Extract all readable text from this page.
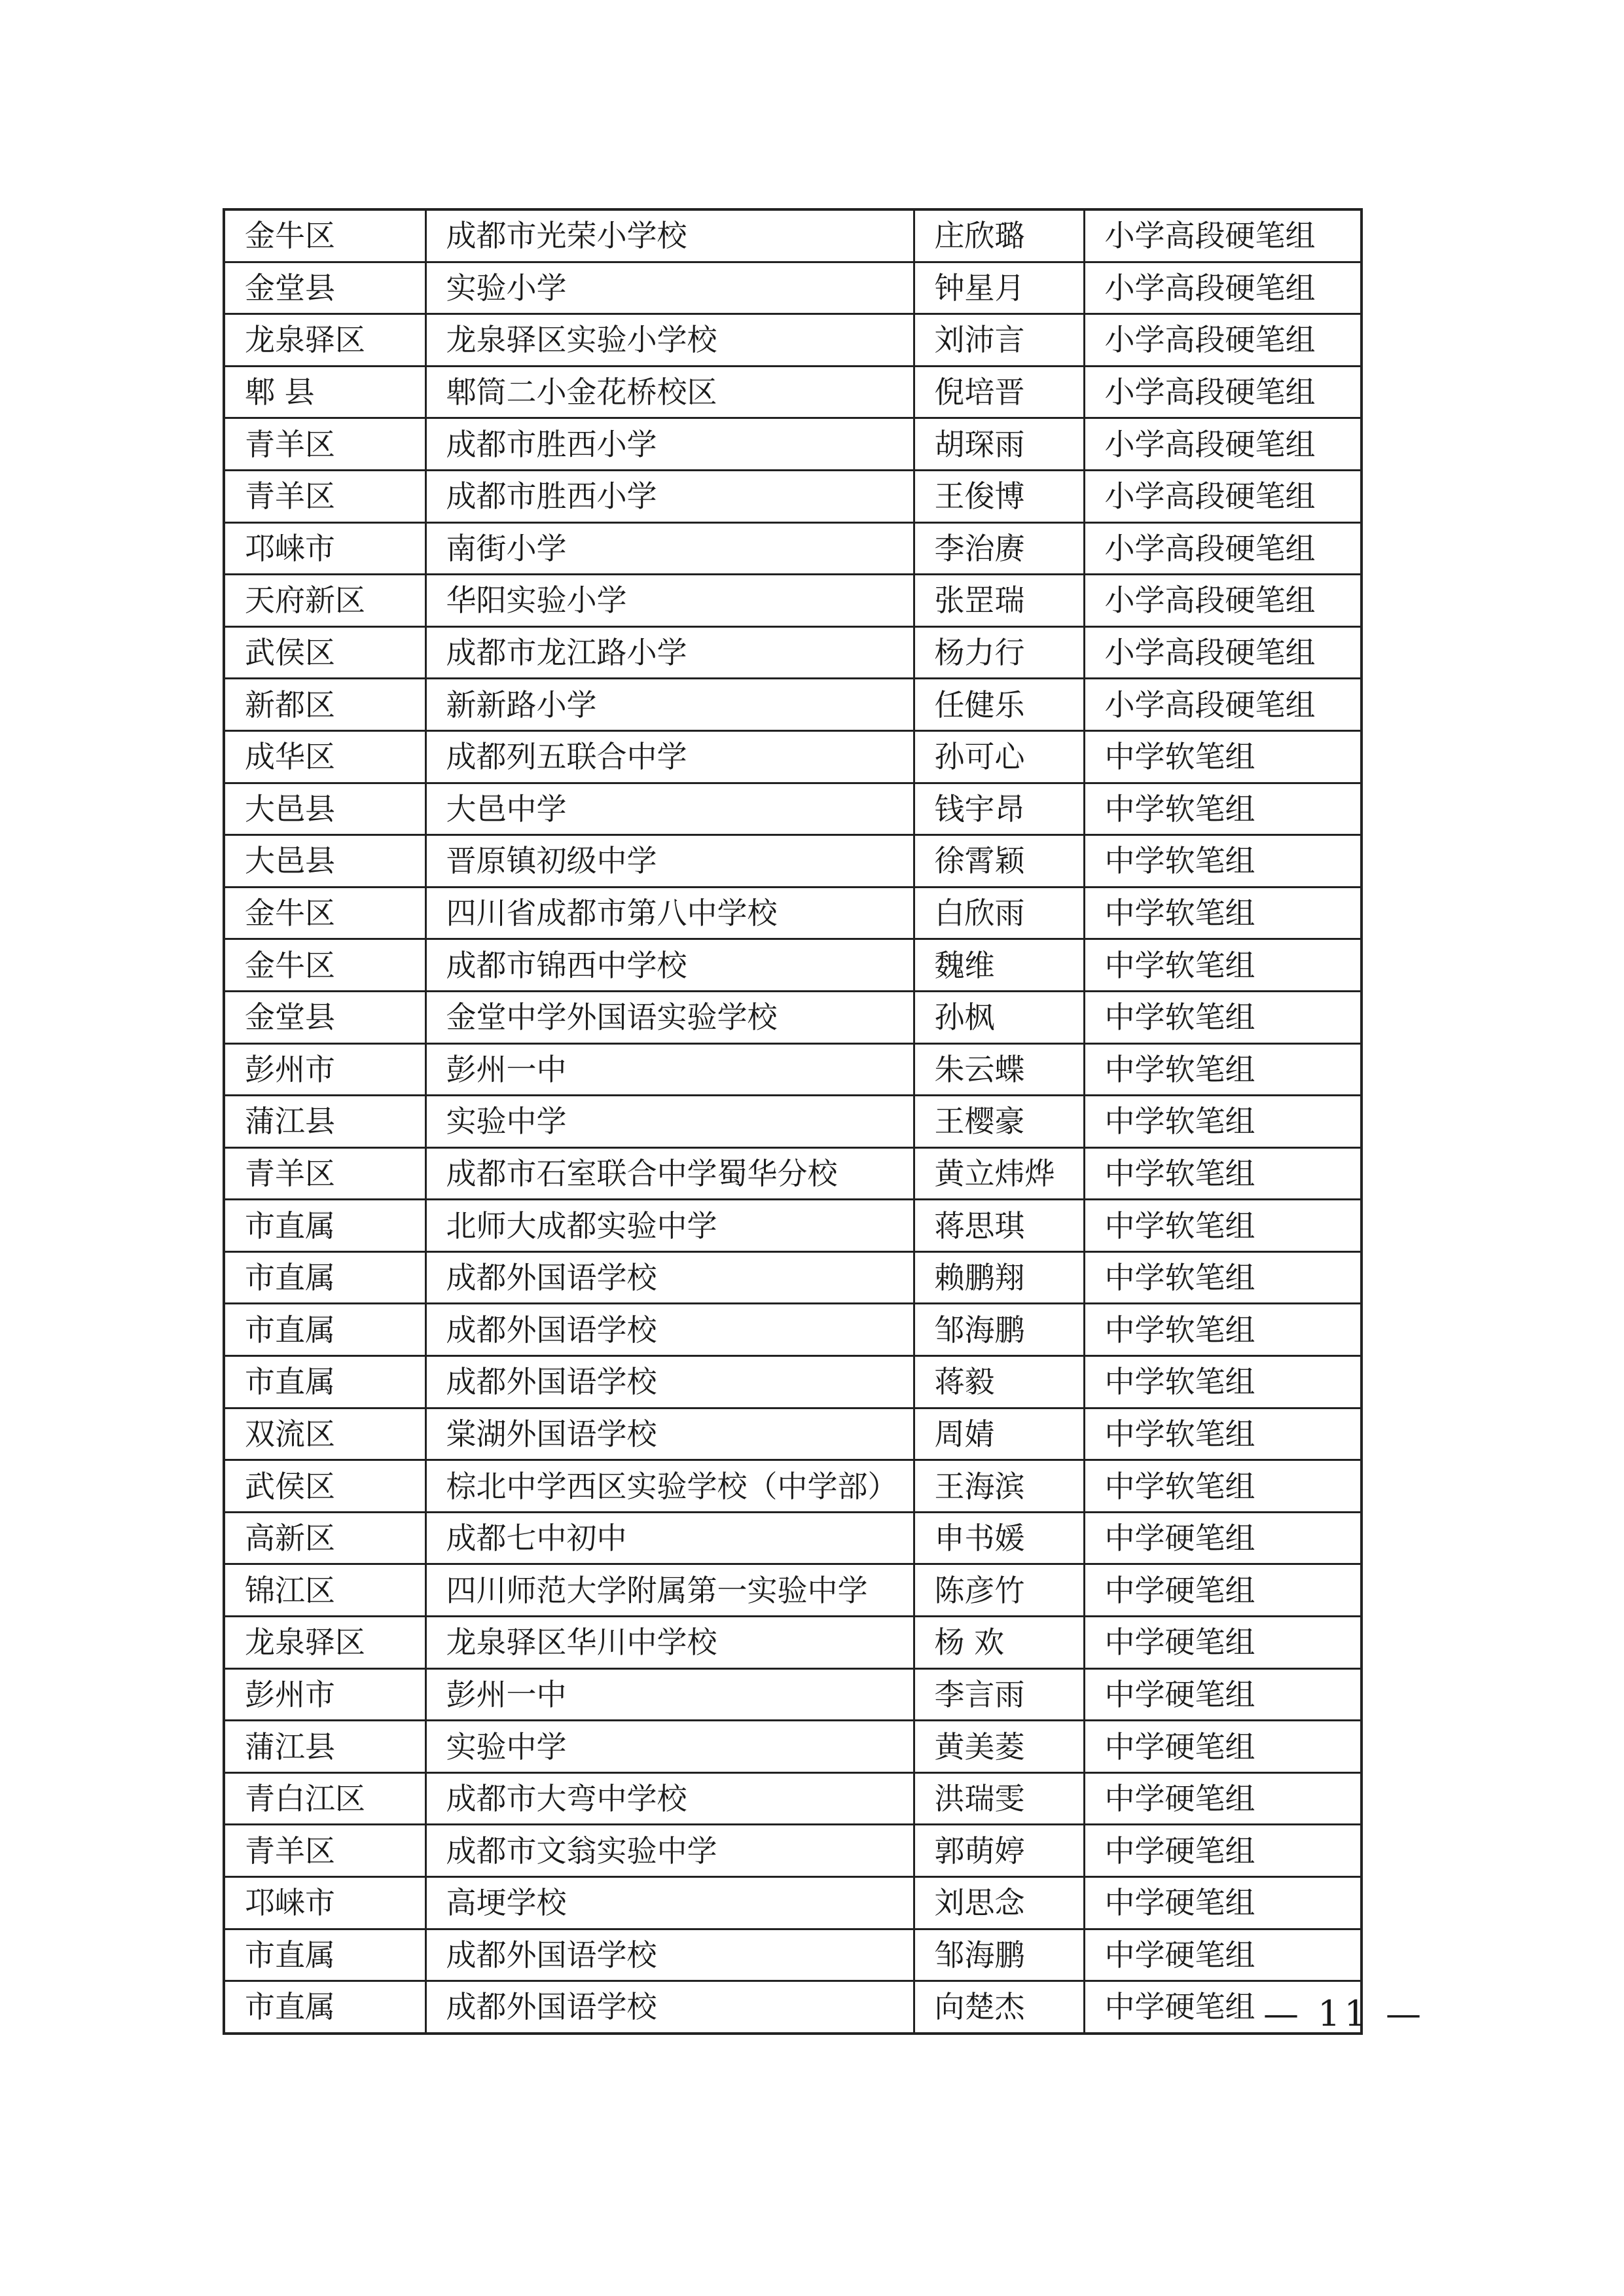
金牛区	成都市光荣小学校	庄欣璐	小学高段硬笔组
金堂县	实验小学	钟星月	小学高段硬笔组
龙泉驿区	龙泉驿区实验小学校	刘沛言	小学高段硬笔组
郫 县	郫筒二小金花桥校区	倪培晋	小学高段硬笔组
青羊区	成都市胜西小学	胡琛雨	小学高段硬笔组
青羊区	成都市胜西小学	王俊博	小学高段硬笔组
邛崃市	南街小学	李治赓	小学高段硬笔组
天府新区	华阳实验小学	张罡瑞	小学高段硬笔组
武侯区	成都市龙江路小学	杨力行	小学高段硬笔组
新都区	新新路小学	任健乐	小学高段硬笔组
成华区	成都列五联合中学	孙可心	中学软笔组
大邑县	大邑中学	钱宇昂	中学软笔组
大邑县	晋原镇初级中学	徐霄颖	中学软笔组
金牛区	四川省成都市第八中学校	白欣雨	中学软笔组
金牛区	成都市锦西中学校	魏维	中学软笔组
金堂县	金堂中学外国语实验学校	孙枫	中学软笔组
彭州市	彭州一中	朱云蝶	中学软笔组
蒲江县	实验中学	王樱豪	中学软笔组
青羊区	成都市石室联合中学蜀华分校	黄立炜烨	中学软笔组
市直属	北师大成都实验中学	蒋思琪	中学软笔组
市直属	成都外国语学校	赖鹏翔	中学软笔组
市直属	成都外国语学校	邹海鹏	中学软笔组
市直属	成都外国语学校	蒋毅	中学软笔组
双流区	棠湖外国语学校	周婧	中学软笔组
武侯区	棕北中学西区实验学校（中学部）	王海滨	中学软笔组
高新区	成都七中初中	申书媛	中学硬笔组
锦江区	四川师范大学附属第一实验中学	陈彦竹	中学硬笔组
龙泉驿区	龙泉驿区华川中学校	杨 欢	中学硬笔组
彭州市	彭州一中	李言雨	中学硬笔组
蒲江县	实验中学	黄美菱	中学硬笔组
青白江区	成都市大弯中学校	洪瑞雯	中学硬笔组
青羊区	成都市文翁实验中学	郭萌婷	中学硬笔组
邛崃市	高埂学校	刘思念	中学硬笔组
市直属	成都外国语学校	邹海鹏	中学硬笔组
市直属	成都外国语学校	向楚杰	中学硬笔组 — 11 —
